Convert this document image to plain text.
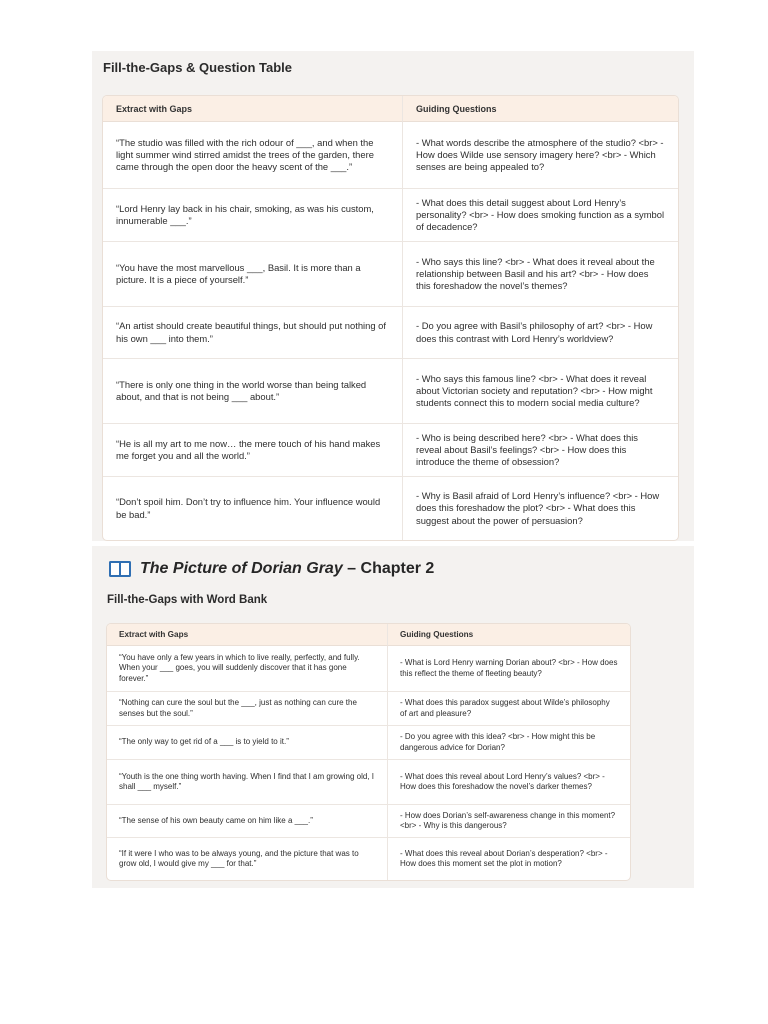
Fill-the-Gaps & Question Table
Extract with Gaps	Guiding Questions
“The studio was filled with the rich odour of ___, and when the light summer wind stirred amidst the trees of the garden, there came through the open door the heavy scent of the ___.”	- What words describe the atmosphere of the studio? <br> - How does Wilde use sensory imagery here? <br> - Which senses are being appealed to?
“Lord Henry lay back in his chair, smoking, as was his custom, innumerable ___.”	- What does this detail suggest about Lord Henry’s personality? <br> - How does smoking function as a symbol of decadence?
“You have the most marvellous ___, Basil. It is more than a picture. It is a piece of yourself.”	- Who says this line? <br> - What does it reveal about the relationship between Basil and his art? <br> - How does this foreshadow the novel’s themes?
“An artist should create beautiful things, but should put nothing of his own ___ into them.”	- Do you agree with Basil’s philosophy of art? <br> - How does this contrast with Lord Henry’s worldview?
“There is only one thing in the world worse than being talked about, and that is not being ___ about.”	- Who says this famous line? <br> - What does it reveal about Victorian society and reputation? <br> - How might students connect this to modern social media culture?
“He is all my art to me now… the mere touch of his hand makes me forget you and all the world.”	- Who is being described here? <br> - What does this reveal about Basil’s feelings? <br> - How does this introduce the theme of obsession?
“Don’t spoil him. Don’t try to influence him. Your influence would be bad.”	- Why is Basil afraid of Lord Henry’s influence? <br> - How does this foreshadow the plot? <br> - What does this suggest about the power of persuasion?
The Picture of Dorian Gray – Chapter 2
Fill-the-Gaps with Word Bank
Extract with Gaps	Guiding Questions
“You have only a few years in which to live really, perfectly, and fully. When your ___ goes, you will suddenly discover that it has gone forever.”	- What is Lord Henry warning Dorian about? <br> - How does this reflect the theme of fleeting beauty?
“Nothing can cure the soul but the ___, just as nothing can cure the senses but the soul.”	- What does this paradox suggest about Wilde’s philosophy of art and pleasure?
“The only way to get rid of a ___ is to yield to it.”	- Do you agree with this idea? <br> - How might this be dangerous advice for Dorian?
“Youth is the one thing worth having. When I find that I am growing old, I shall ___ myself.”	- What does this reveal about Lord Henry’s values? <br> - How does this foreshadow the novel’s darker themes?
“The sense of his own beauty came on him like a ___.”	- How does Dorian’s self-awareness change in this moment? <br> - Why is this dangerous?
“If it were I who was to be always young, and the picture that was to grow old, I would give my ___ for that.”	- What does this reveal about Dorian’s desperation? <br> - How does this moment set the plot in motion?
